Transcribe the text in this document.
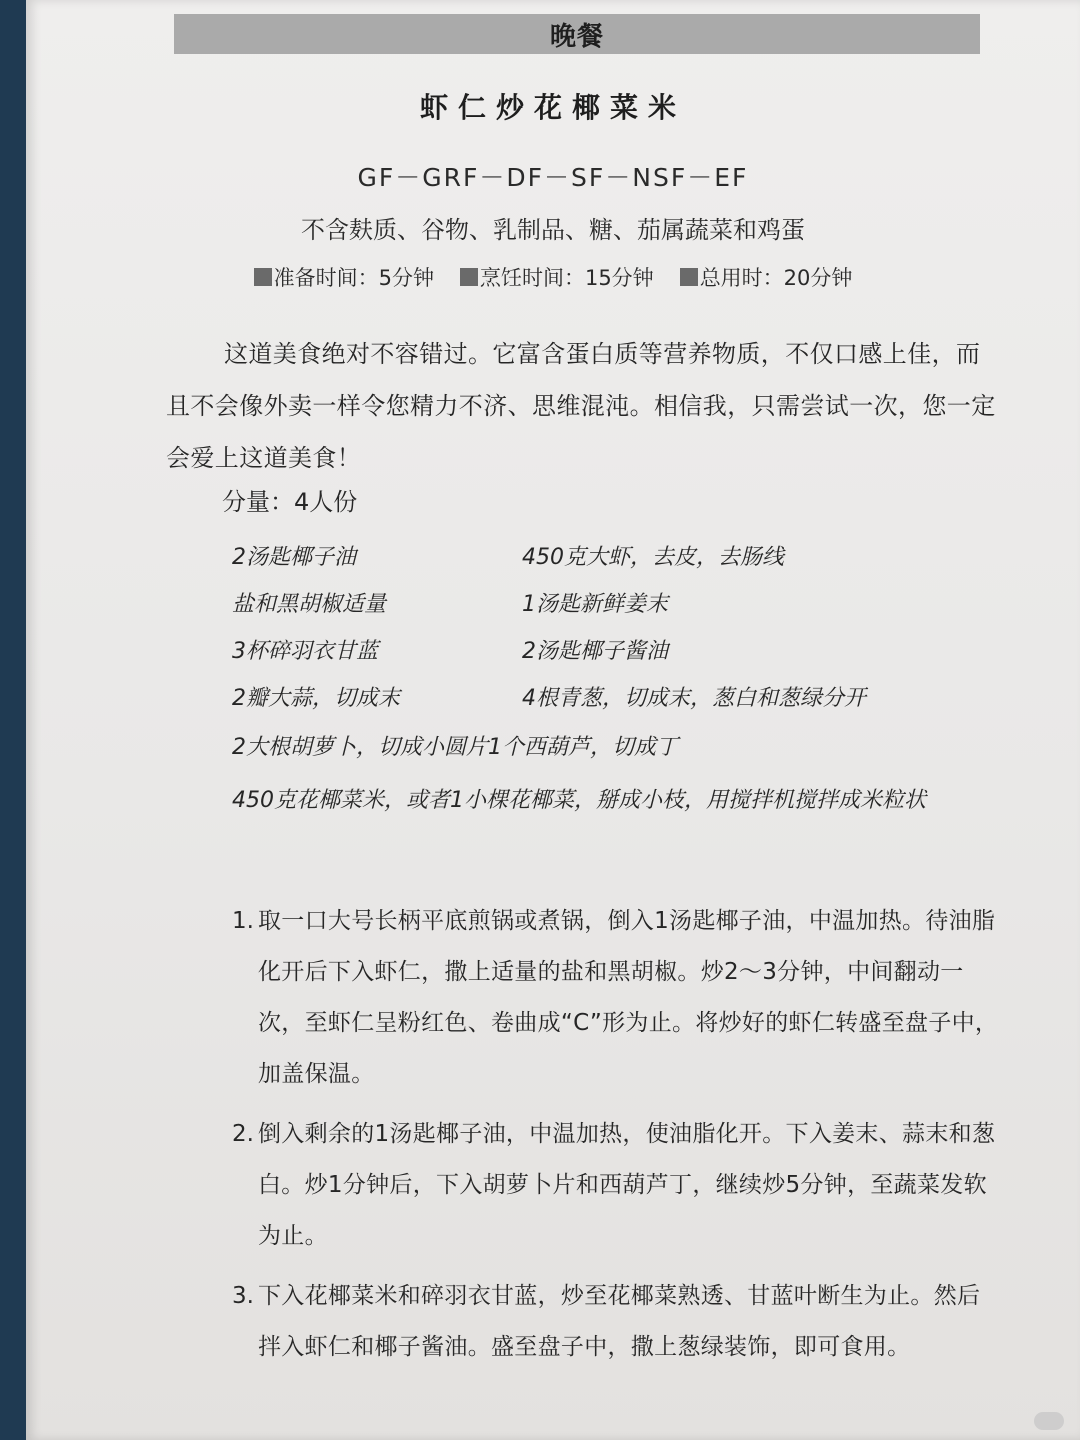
晚餐
虾仁炒花椰菜米
GF－GRF－DF－SF－NSF－EF
不含麸质、谷物、乳制品、糖、茄属蔬菜和鸡蛋
准备时间：5分钟 烹饪时间：15分钟 总用时：20分钟
这道美食绝对不容错过。它富含蛋白质等营养物质，不仅口感上佳，而且不会像外卖一样令您精力不济、思维混沌。相信我，只需尝试一次，您一定会爱上这道美食！
分量：4人份
2汤匙椰子油	450克大虾，去皮，去肠线
盐和黑胡椒适量	1汤匙新鲜姜末
3杯碎羽衣甘蓝	2汤匙椰子酱油
2瓣大蒜，切成末	4根青葱，切成末，葱白和葱绿分开
2大根胡萝卜，切成小圆片1个西葫芦，切成丁
450克花椰菜米，或者1小棵花椰菜，掰成小枝，用搅拌机搅拌成米粒状
1. 取一口大号长柄平底煎锅或煮锅，倒入1汤匙椰子油，中温加热。待油脂化开后下入虾仁，撒上适量的盐和黑胡椒。炒2～3分钟，中间翻动一次，至虾仁呈粉红色、卷曲成“C”形为止。将炒好的虾仁转盛至盘子中，加盖保温。
2. 倒入剩余的1汤匙椰子油，中温加热，使油脂化开。下入姜末、蒜末和葱白。炒1分钟后，下入胡萝卜片和西葫芦丁，继续炒5分钟，至蔬菜发软为止。
3. 下入花椰菜米和碎羽衣甘蓝，炒至花椰菜熟透、甘蓝叶断生为止。然后拌入虾仁和椰子酱油。盛至盘子中，撒上葱绿装饰，即可食用。
